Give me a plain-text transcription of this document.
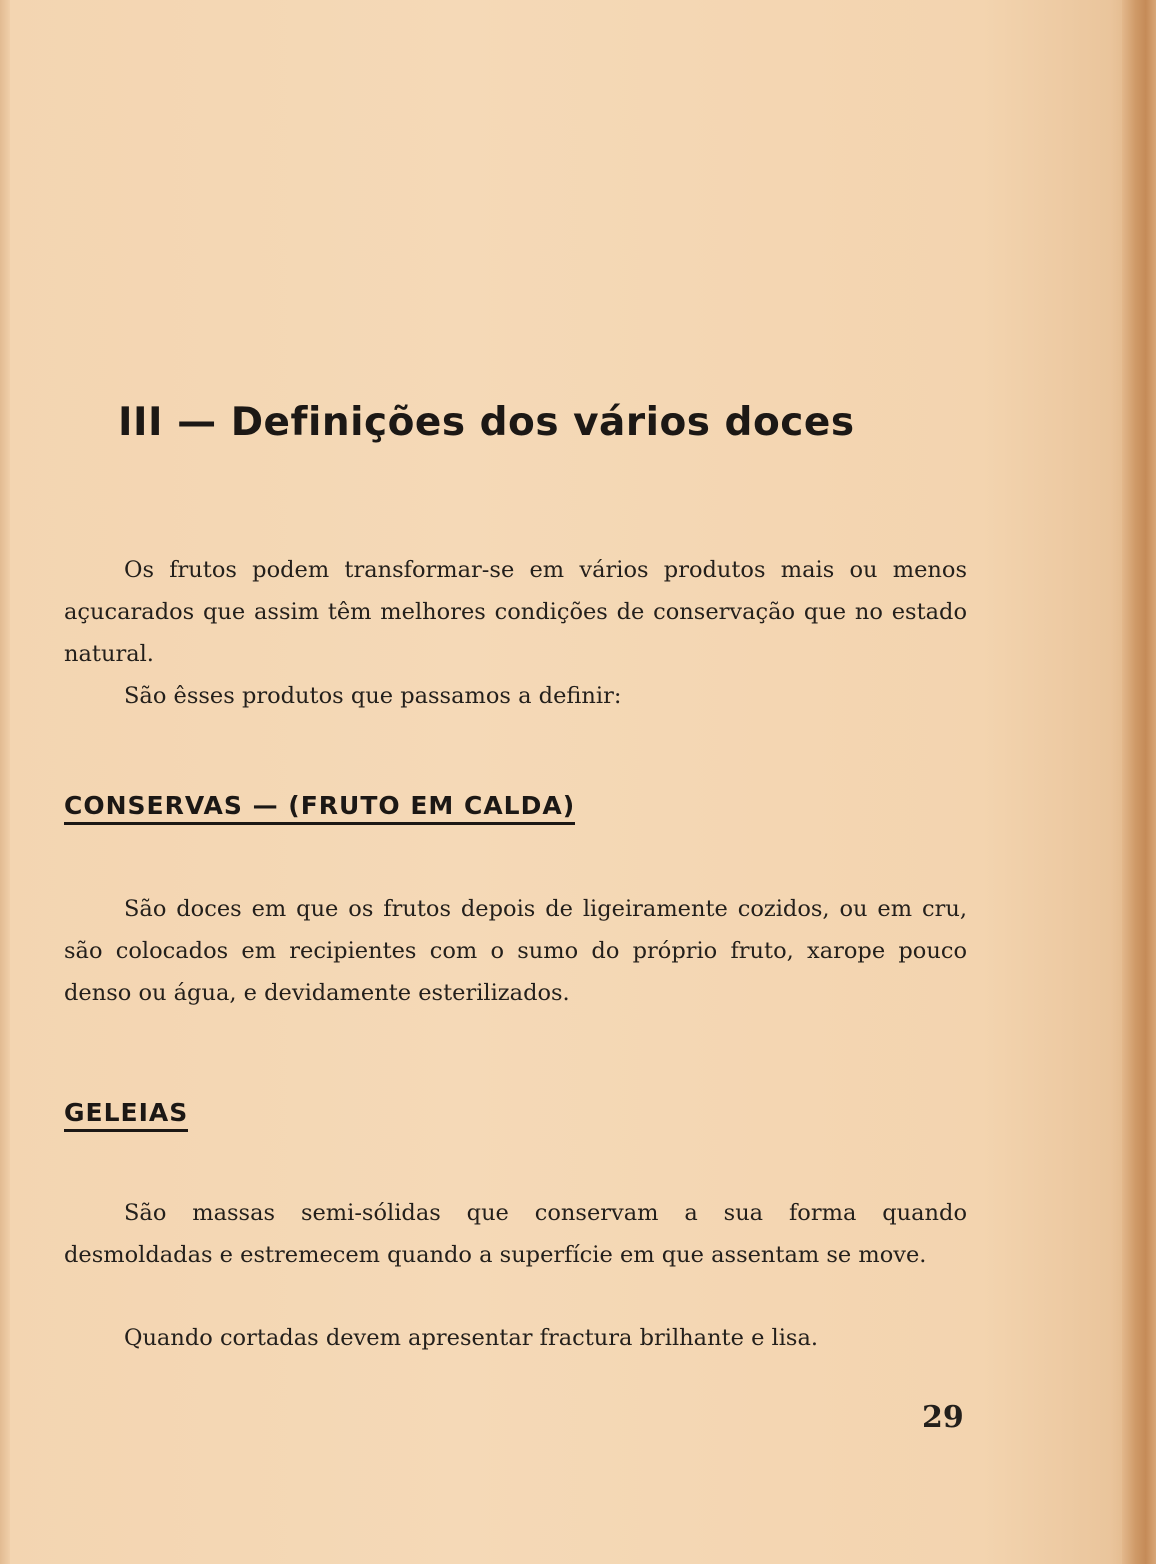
III — Definições dos vários doces

Os frutos podem transformar-se em vários produtos mais ou menos açucarados que assim têm melhores condições de conservação que no estado natural.

São êsses produtos que passamos a definir:

CONSERVAS — (FRUTO EM CALDA)

São doces em que os frutos depois de ligeiramente cozidos, ou em cru, são colocados em recipientes com o sumo do próprio fruto, xarope pouco denso ou água, e devidamente esterilizados.

GELEIAS

São massas semi-sólidas que conservam a sua forma quando desmoldadas e estremecem quando a superfície em que assentam se move.

Quando cortadas devem apresentar fractura brilhante e lisa.

29
